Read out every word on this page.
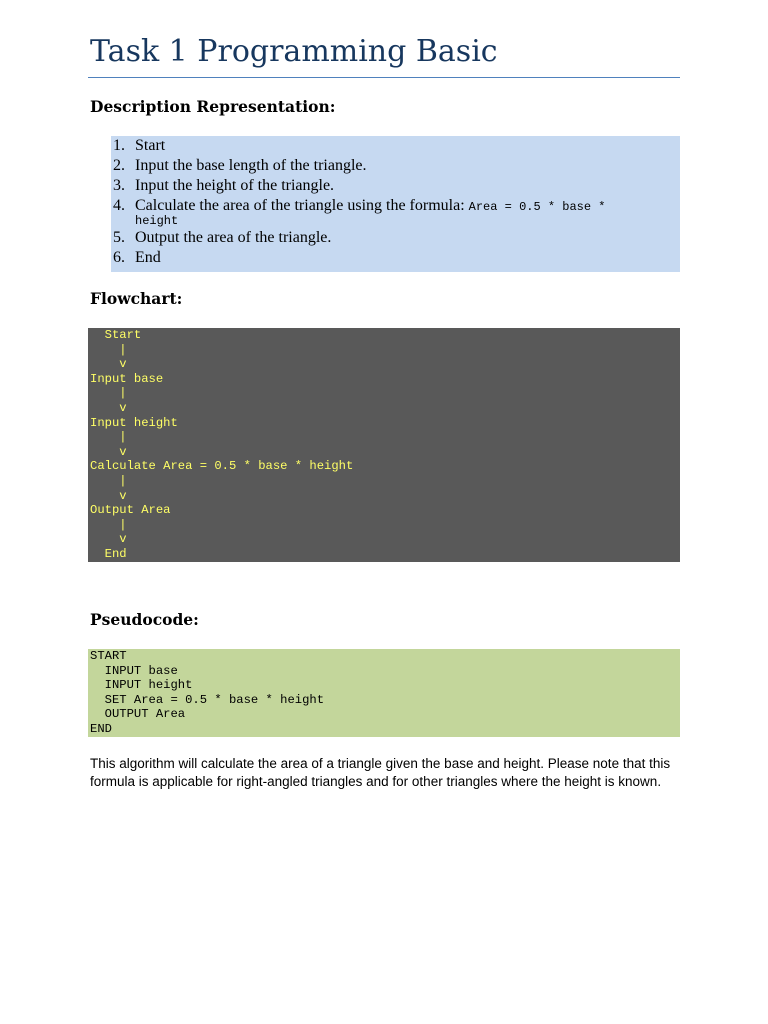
Task 1 Programming Basic
Description Representation:
1. Start
2. Input the base length of the triangle.
3. Input the height of the triangle.
4. Calculate the area of the triangle using the formula: Area = 0.5 * base *
height
5. Output the area of the triangle.
6. End
Flowchart:
Start
|
v
Input base
|
v
Input height
|
v
Calculate Area = 0.5 * base * height
|
v
Output Area
|
v
End
Pseudocode:
START
INPUT base
INPUT height
SET Area = 0.5 * base * height
OUTPUT Area
END

This algorithm will calculate the area of a triangle given the base and height. Please note that this formula is applicable for right-angled triangles and for other triangles where the height is known.
